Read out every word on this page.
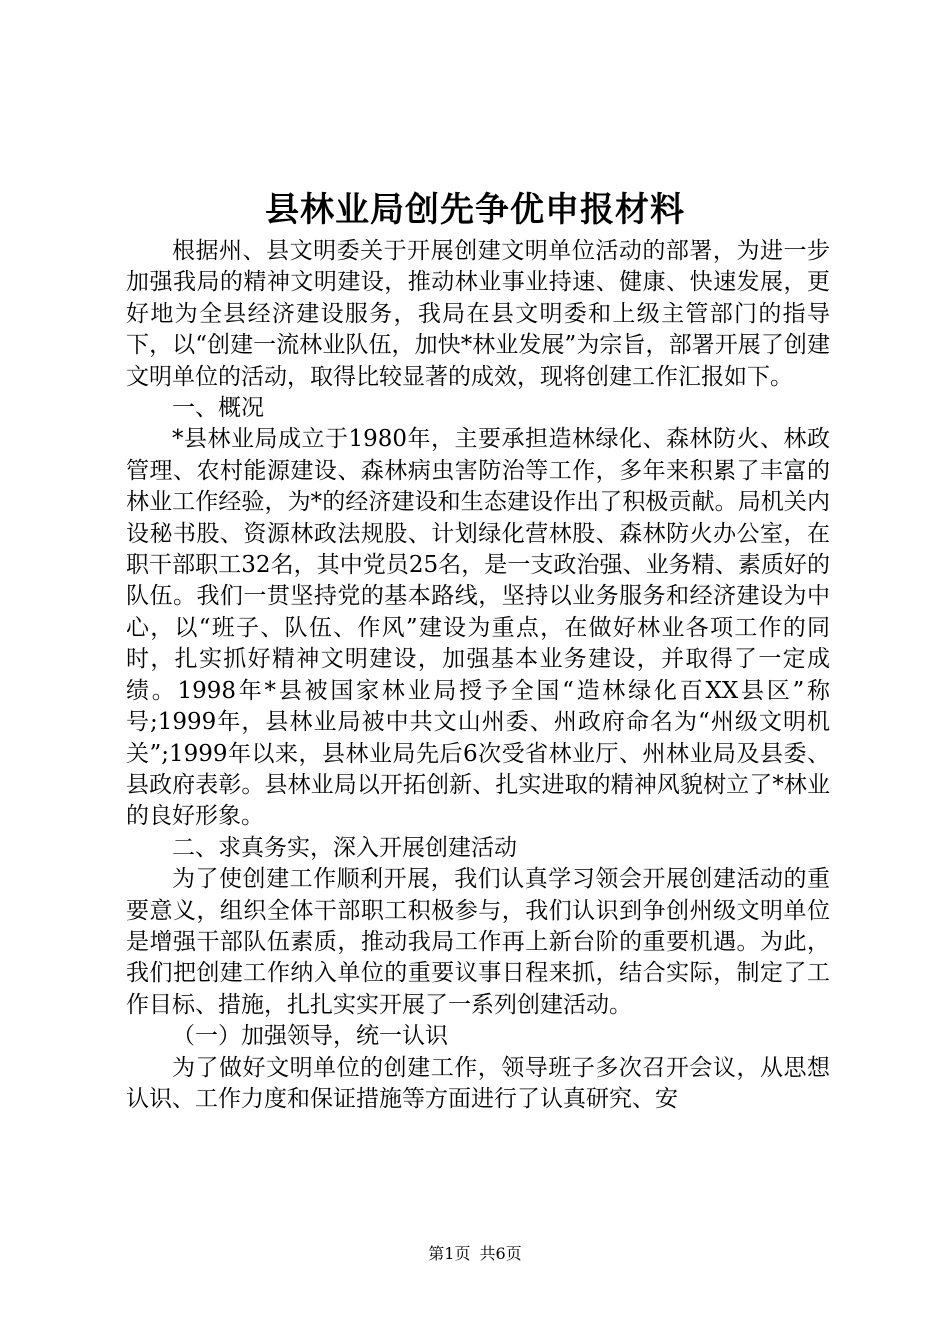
县林业局创先争优申报材料

根据州、县文明委关于开展创建文明单位活动的部署，为进一步加强我局的精神文明建设，推动林业事业持速、健康、快速发展，更好地为全县经济建设服务，我局在县文明委和上级主管部门的指导下，以“创建一流林业队伍，加快*林业发展”为宗旨，部署开展了创建文明单位的活动，取得比较显著的成效，现将创建工作汇报如下。

一、概况

*县林业局成立于1980年，主要承担造林绿化、森林防火、林政管理、农村能源建设、森林病虫害防治等工作，多年来积累了丰富的林业工作经验，为*的经济建设和生态建设作出了积极贡献。局机关内设秘书股、资源林政法规股、计划绿化营林股、森林防火办公室，在职干部职工32名，其中党员25名，是一支政治强、业务精、素质好的队伍。我们一贯坚持党的基本路线，坚持以业务服务和经济建设为中心，以“班子、队伍、作风”建设为重点，在做好林业各项工作的同时，扎实抓好精神文明建设，加强基本业务建设，并取得了一定成绩。1998年*县被国家林业局授予全国“造林绿化百XX县区”称号;1999年，县林业局被中共文山州委、州政府命名为“州级文明机关”;1999年以来，县林业局先后6次受省林业厅、州林业局及县委、县政府表彰。县林业局以开拓创新、扎实进取的精神风貌树立了*林业的良好形象。

二、求真务实，深入开展创建活动

为了使创建工作顺利开展，我们认真学习领会开展创建活动的重要意义，组织全体干部职工积极参与，我们认识到争创州级文明单位是增强干部队伍素质，推动我局工作再上新台阶的重要机遇。为此，我们把创建工作纳入单位的重要议事日程来抓，结合实际，制定了工作目标、措施，扎扎实实开展了一系列创建活动。

（一）加强领导，统一认识

为了做好文明单位的创建工作，领导班子多次召开会议，从思想认识、工作力度和保证措施等方面进行了认真研究、安

第1页 共6页
